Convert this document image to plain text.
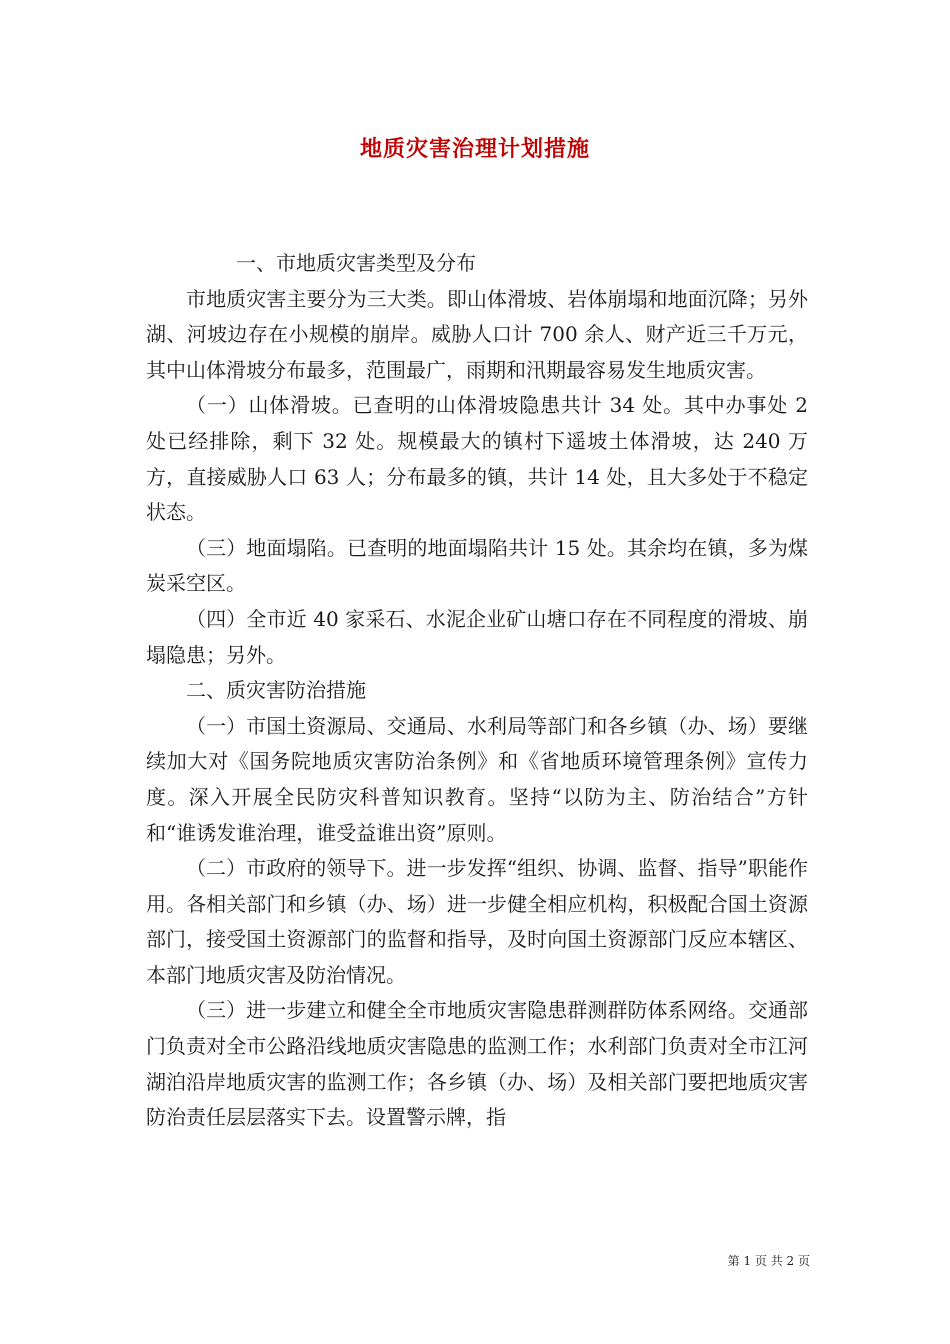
地质灾害治理计划措施

一、市地质灾害类型及分布

市地质灾害主要分为三大类。即山体滑坡、岩体崩塌和地面沉降；另外湖、河坡边存在小规模的崩岸。威胁人口计 700 余人、财产近三千万元，其中山体滑坡分布最多，范围最广，雨期和汛期最容易发生地质灾害。

（一）山体滑坡。已查明的山体滑坡隐患共计 34 处。其中办事处 2 处已经排除，剩下 32 处。规模最大的镇村下遥坡土体滑坡，达 240 万方，直接威胁人口 63 人；分布最多的镇，共计 14 处，且大多处于不稳定状态。

（三）地面塌陷。已查明的地面塌陷共计 15 处。其余均在镇，多为煤炭采空区。

（四）全市近 40 家采石、水泥企业矿山塘口存在不同程度的滑坡、崩塌隐患；另外。

二、质灾害防治措施

（一）市国土资源局、交通局、水利局等部门和各乡镇（办、场）要继续加大对《国务院地质灾害防治条例》和《省地质环境管理条例》宣传力度。深入开展全民防灾科普知识教育。坚持“以防为主、防治结合”方针和“谁诱发谁治理，谁受益谁出资”原则。

（二）市政府的领导下。进一步发挥“组织、协调、监督、指导”职能作用。各相关部门和乡镇（办、场）进一步健全相应机构，积极配合国土资源部门，接受国土资源部门的监督和指导，及时向国土资源部门反应本辖区、本部门地质灾害及防治情况。

（三）进一步建立和健全全市地质灾害隐患群测群防体系网络。交通部门负责对全市公路沿线地质灾害隐患的监测工作；水利部门负责对全市江河湖泊沿岸地质灾害的监测工作；各乡镇（办、场）及相关部门要把地质灾害防治责任层层落实下去。设置警示牌，指

第 1 页 共 2 页
